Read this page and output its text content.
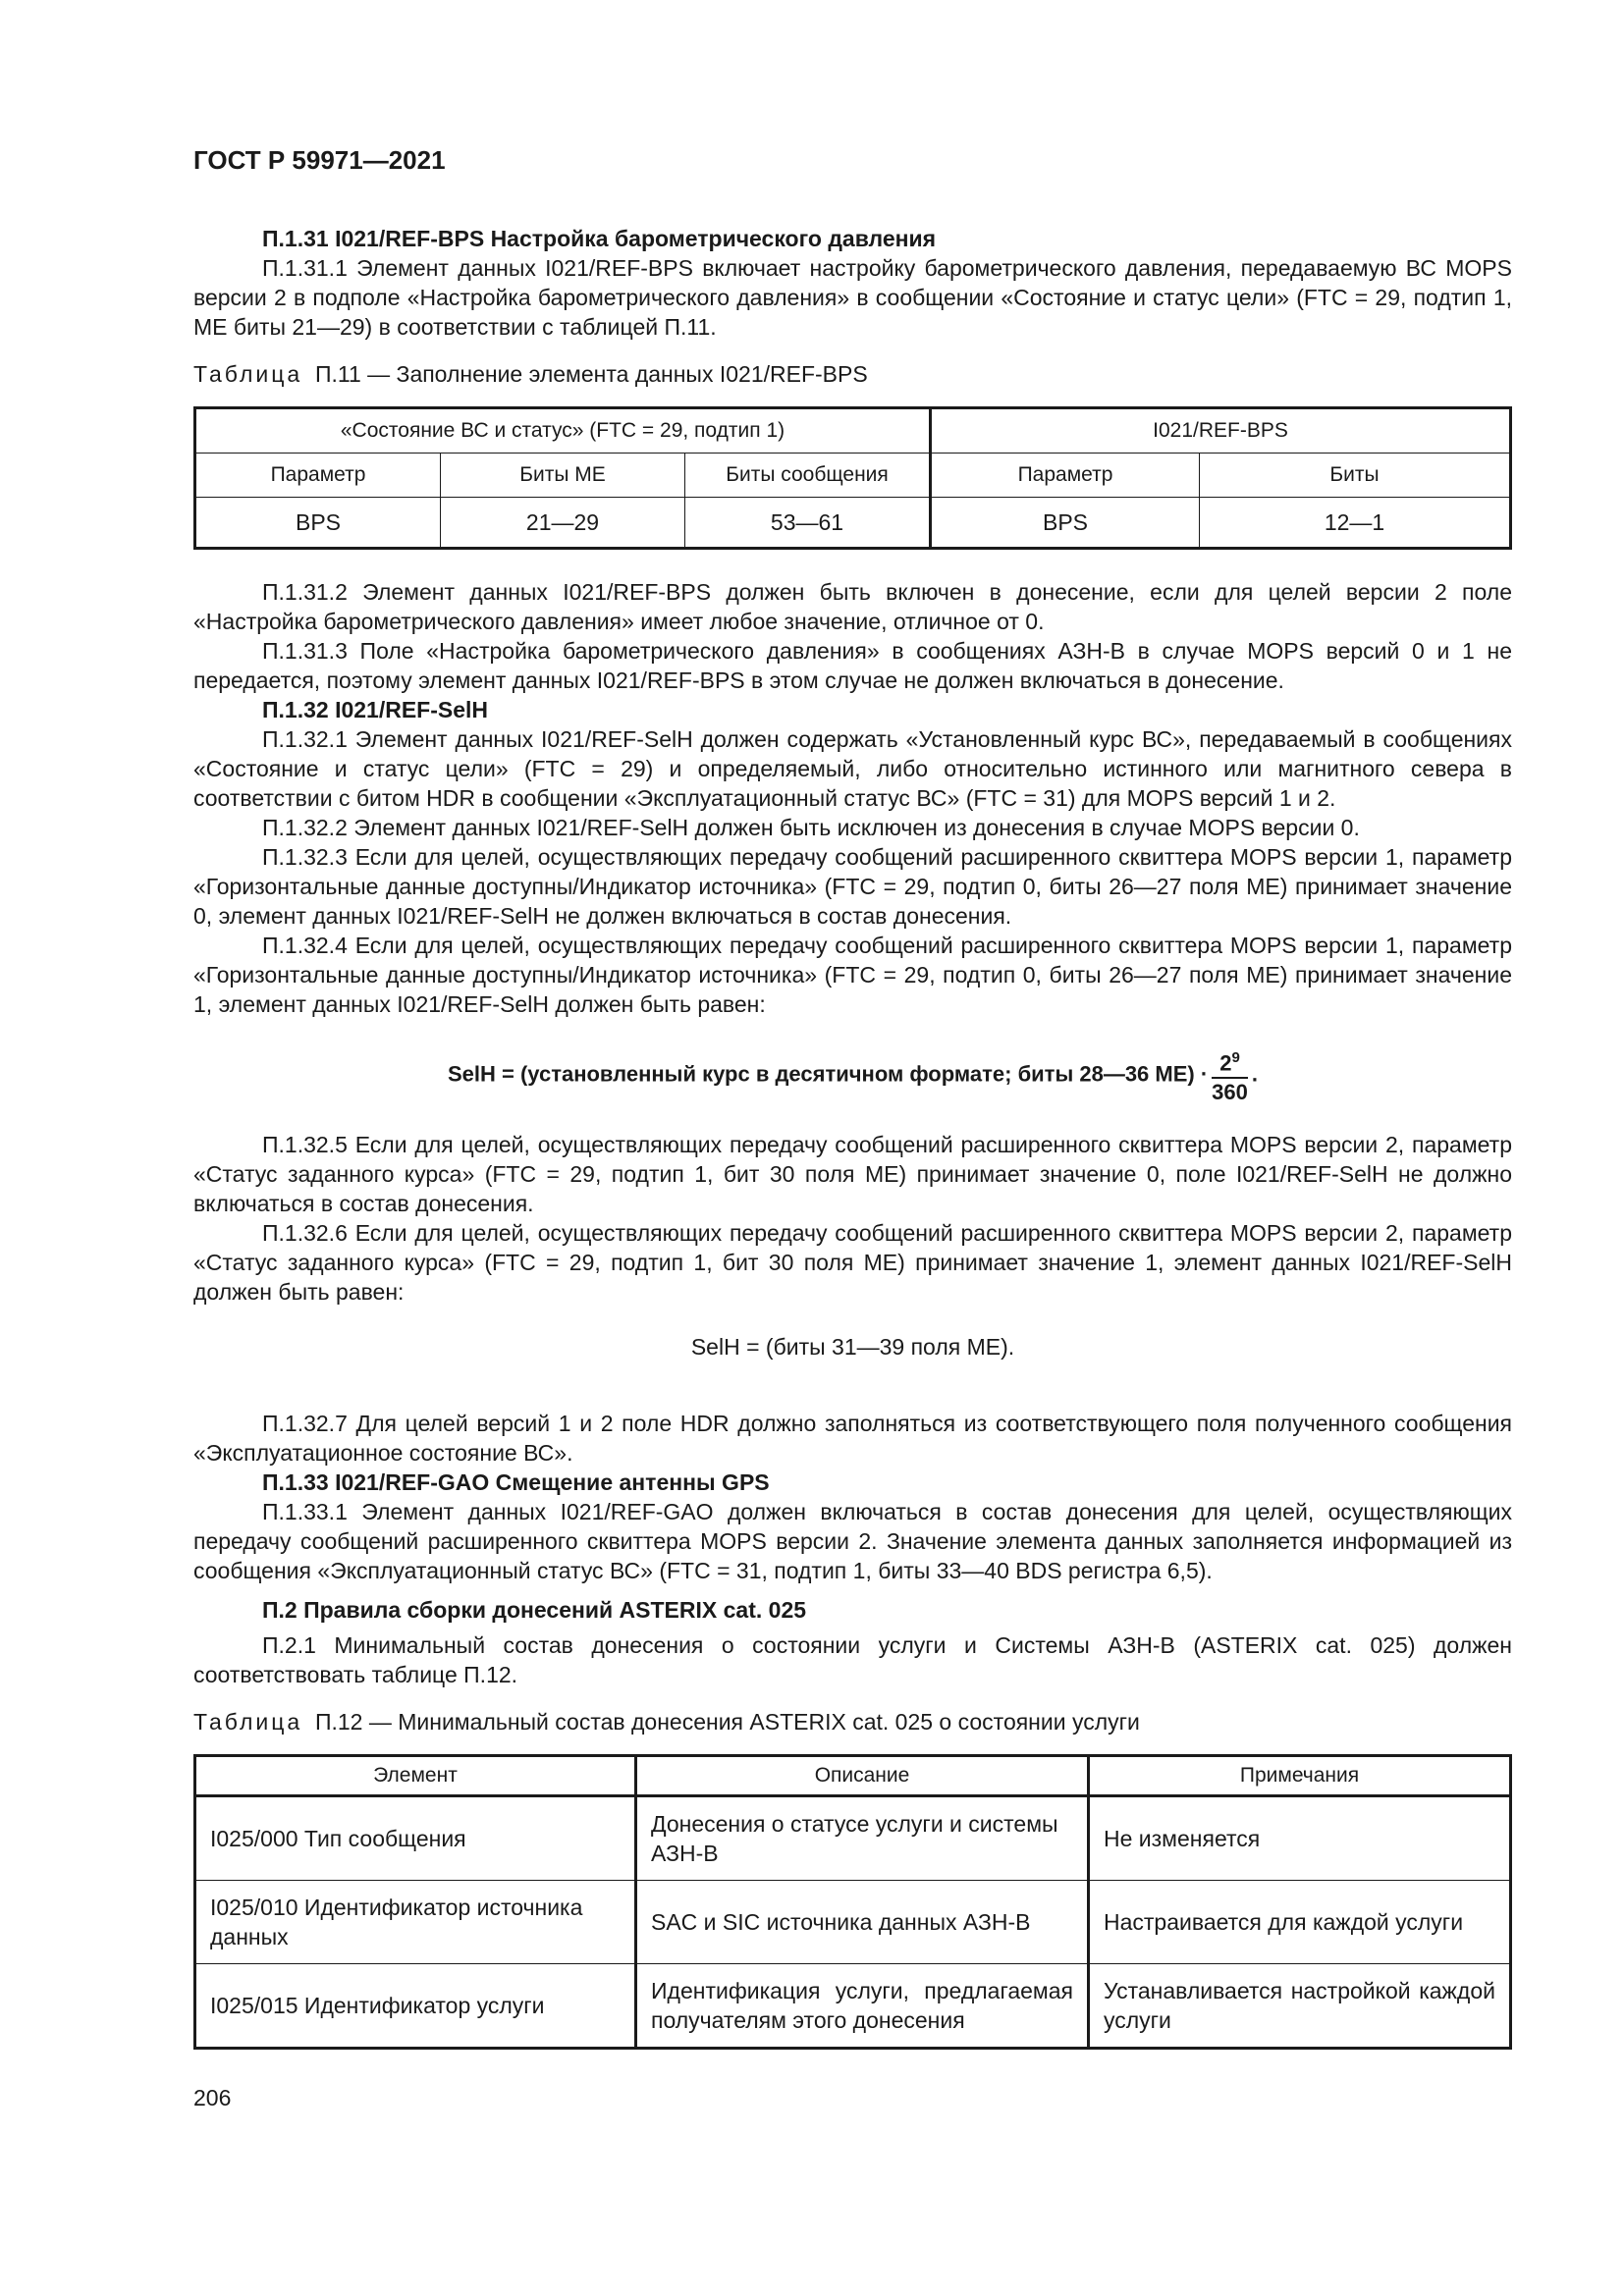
ГОСТ Р 59971—2021
П.1.31 I021/REF-BPS Настройка барометрического давления

П.1.31.1 Элемент данных I021/REF-BPS включает настройку барометрического давления, передаваемую ВС MOPS версии 2 в подполе «Настройка барометрического давления» в сообщении «Состояние и статус цели» (FTC = 29, подтип 1, ME биты 21—29) в соответствии с таблицей П.11.

Таблица П.11 — Заполнение элемента данных I021/REF-BPS

«Состояние ВС и статус» (FTC = 29, подтип 1)			I021/REF-BPS	
Параметр	Биты ME	Биты сообщения	Параметр	Биты
BPS	21—29	53—61	BPS	12—1

П.1.31.2 Элемент данных I021/REF-BPS должен быть включен в донесение, если для целей версии 2 поле «Настройка барометрического давления» имеет любое значение, отличное от 0.

П.1.31.3 Поле «Настройка барометрического давления» в сообщениях АЗН-В в случае MOPS версий 0 и 1 не передается, поэтому элемент данных I021/REF-BPS в этом случае не должен включаться в донесение.

П.1.32 I021/REF-SelH

П.1.32.1 Элемент данных I021/REF-SelH должен содержать «Установленный курс ВС», передаваемый в сообщениях «Состояние и статус цели» (FTC = 29) и определяемый, либо относительно истинного или магнитного севера в соответствии с битом HDR в сообщении «Эксплуатационный статус ВС» (FTC = 31) для MOPS версий 1 и 2.

П.1.32.2 Элемент данных I021/REF-SelH должен быть исключен из донесения в случае MOPS версии 0.

П.1.32.3 Если для целей, осуществляющих передачу сообщений расширенного сквиттера MOPS версии 1, параметр «Горизонтальные данные доступны/Индикатор источника» (FTC = 29, подтип 0, биты 26—27 поля ME) принимает значение 0, элемент данных I021/REF-SelH не должен включаться в состав донесения.

П.1.32.4 Если для целей, осуществляющих передачу сообщений расширенного сквиттера MOPS версии 1, параметр «Горизонтальные данные доступны/Индикатор источника» (FTC = 29, подтип 0, биты 26—27 поля ME) принимает значение 1, элемент данных I021/REF-SelH должен быть равен:

SelH = (установленный курс в десятичном формате; биты 28—36 $ME) \cdot \frac{2^9}{360}$ .

П.1.32.5 Если для целей, осуществляющих передачу сообщений расширенного сквиттера MOPS версии 2, параметр «Статус заданного курса» (FTC = 29, подтип 1, бит 30 поля ME) принимает значение 0, поле I021/REF-SelH не должно включаться в состав донесения.

П.1.32.6 Если для целей, осуществляющих передачу сообщений расширенного сквиттера MOPS версии 2, параметр «Статус заданного курса» (FTC = 29, подтип 1, бит 30 поля ME) принимает значение 1, элемент данных I021/REF-SelH должен быть равен:

SelH = (биты 31—39 поля ME).

П.1.32.7 Для целей версий 1 и 2 поле HDR должно заполняться из соответствующего поля полученного сообщения «Эксплуатационное состояние ВС».

П.1.33 I021/REF-GAO Смещение антенны GPS

П.1.33.1 Элемент данных I021/REF-GAO должен включаться в состав донесения для целей, осуществляющих передачу сообщений расширенного сквиттера MOPS версии 2. Значение элемента данных заполняется информацией из сообщения «Эксплуатационный статус ВС» (FTC = 31, подтип 1, биты 33—40 BDS регистра 6,5).

П.2 Правила сборки донесений ASTERIX cat. 025

П.2.1 Минимальный состав донесения о состоянии услуги и Системы АЗН-В (ASTERIX cat. 025) должен соответствовать таблице П.12.

Таблица П.12 — Минимальный состав донесения ASTERIX cat. 025 о состоянии услуги

Элемент	Описание	Примечания
I025/000 Тип сообщения	Донесения о статусе услуги и системы АЗН-В	Не изменяется
I025/010 Идентификатор источника данных	SAC и SIC источника данных АЗН-В	Настраивается для каждой услуги
I025/015 Идентификатор услуги	Идентификация услуги, предлагаемая получателям этого донесения	Устанавливается настройкой каждой услуги
206
